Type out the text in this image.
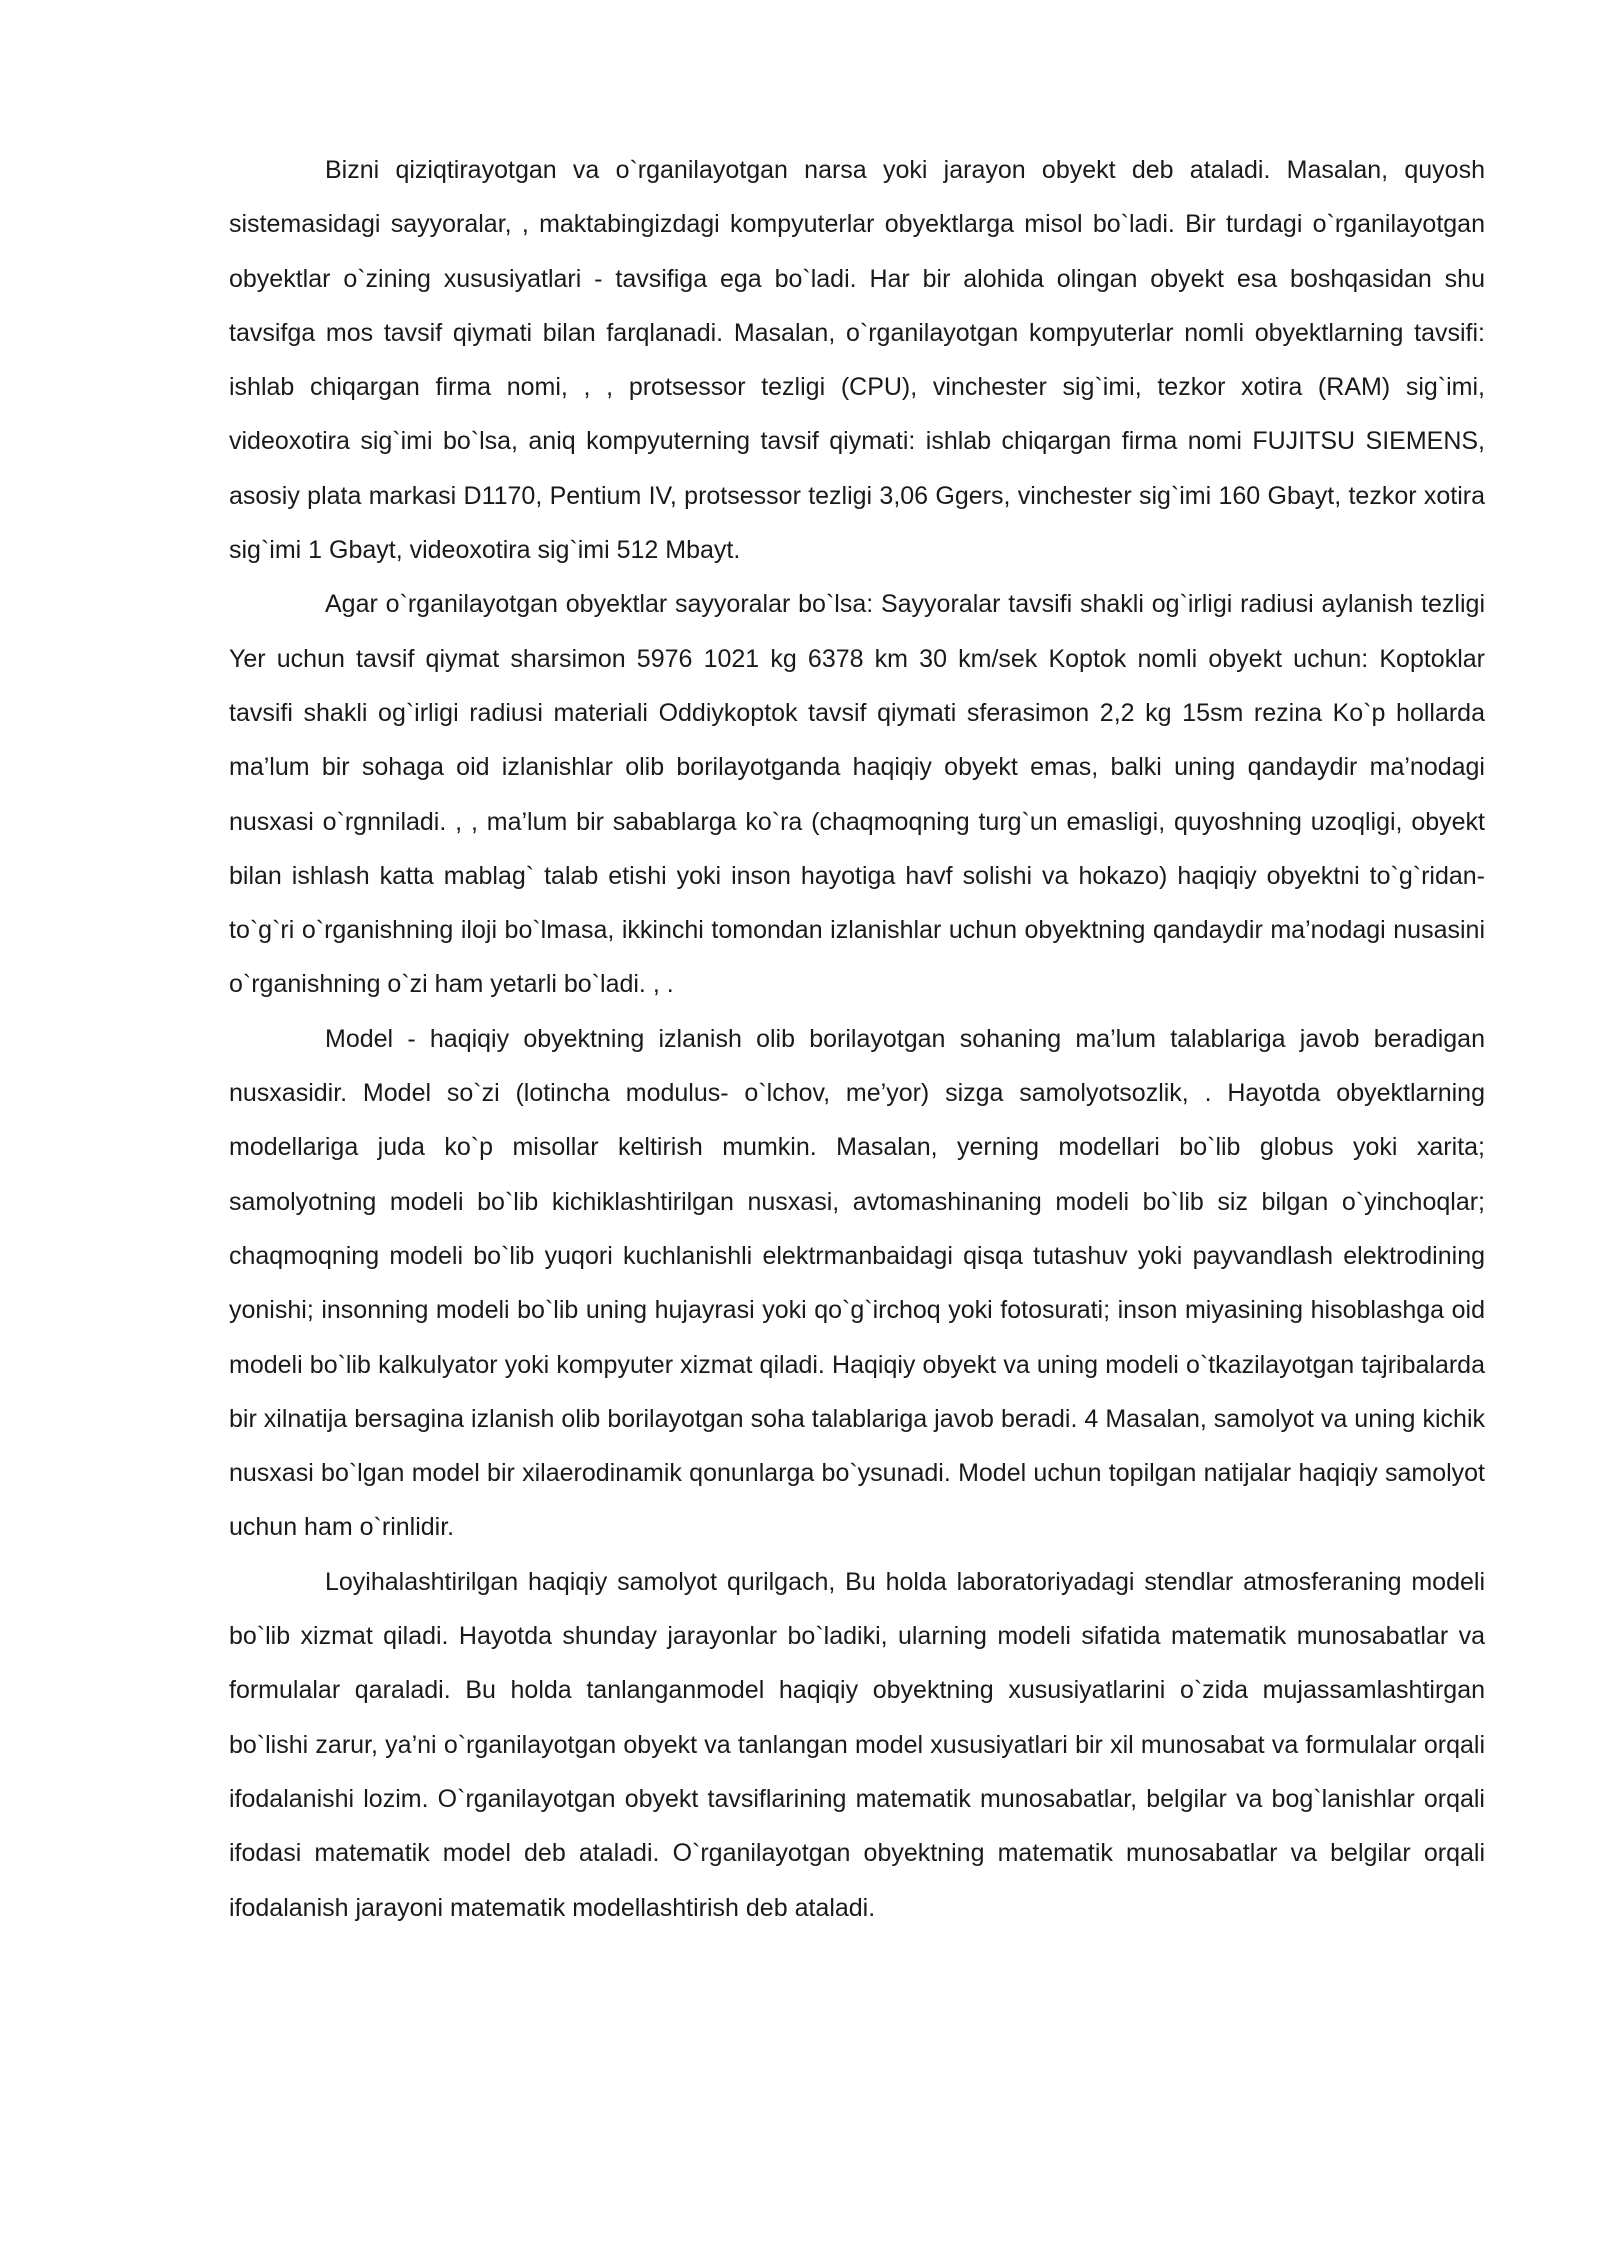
Bizni qiziqtirayotgan va o`rganilayotgan narsa yoki jarayon obyekt deb ataladi. Masalan, quyosh sistemasidagi sayyoralar, , maktabingizdagi kompyuterlar obyektlarga misol bo`ladi. Bir turdagi o`rganilayotgan obyektlar o`zining xususiyatlari - tavsifiga ega bo`ladi. Har bir alohida olingan obyekt esa boshqasidan shu tavsifga mos tavsif qiymati bilan farqlanadi. Masalan, o`rganilayotgan kompyuterlar nomli obyektlarning tavsifi: ishlab chiqargan firma nomi, , , protsessor tezligi (CPU), vinchester sig`imi, tezkor xotira (RAM) sig`imi, videoxotira sig`imi bo`lsa, aniq kompyuterning tavsif qiymati: ishlab chiqargan firma nomi FUJITSU SIEMENS, asosiy plata markasi D1170, Pentium IV, protsessor tezligi 3,06 Ggers, vinchester sig`imi 160 Gbayt, tezkor xotira sig`imi 1 Gbayt, videoxotira sig`imi 512 Mbayt.

Agar o`rganilayotgan obyektlar sayyoralar bo`lsa: Sayyoralar tavsifi shakli og`irligi radiusi aylanish tezligi Yer uchun tavsif qiymat sharsimon 5976 1021 kg 6378 km 30 km/sek Koptok nomli obyekt uchun: Koptoklar tavsifi shakli og`irligi radiusi materiali Oddiykoptok tavsif qiymati sferasimon 2,2 kg 15sm rezina Ko`p hollarda ma’lum bir sohaga oid izlanishlar olib borilayotganda haqiqiy obyekt emas, balki uning qandaydir ma’nodagi nusxasi o`rgnniladi. , , ma’lum bir sabablarga ko`ra (chaqmoqning turg`un emasligi, quyoshning uzoqligi, obyekt bilan ishlash katta mablag` talab etishi yoki inson hayotiga havf solishi va hokazo) haqiqiy obyektni to`g`ridan-to`g`ri o`rganishning iloji bo`lmasa, ikkinchi tomondan izlanishlar uchun obyektning qandaydir ma’nodagi nusasini o`rganishning o`zi ham yetarli bo`ladi. , .

Model - haqiqiy obyektning izlanish olib borilayotgan sohaning ma’lum talablariga javob beradigan nusxasidir. Model so`zi (lotincha modulus- o`lchov, me’yor) sizga samolyotsozlik, . Hayotda obyektlarning modellariga juda ko`p misollar keltirish mumkin. Masalan, yerning modellari bo`lib globus yoki xarita; samolyotning modeli bo`lib kichiklashtirilgan nusxasi, avtomashinaning modeli bo`lib siz bilgan o`yinchoqlar; chaqmoqning modeli bo`lib yuqori kuchlanishli elektrmanbaidagi qisqa tutashuv yoki payvandlash elektrodining yonishi; insonning modeli bo`lib uning hujayrasi yoki qo`g`irchoq yoki fotosurati; inson miyasining hisoblashga oid modeli bo`lib kalkulyator yoki kompyuter xizmat qiladi. Haqiqiy obyekt va uning modeli o`tkazilayotgan tajribalarda bir xilnatija bersagina izlanish olib borilayotgan soha talablariga javob beradi. 4 Masalan, samolyot va uning kichik nusxasi bo`lgan model bir xilaerodinamik qonunlarga bo`ysunadi. Model uchun topilgan natijalar haqiqiy samolyot uchun ham o`rinlidir.

Loyihalashtirilgan haqiqiy samolyot qurilgach, Bu holda laboratoriyadagi stendlar atmosferaning modeli bo`lib xizmat qiladi. Hayotda shunday jarayonlar bo`ladiki, ularning modeli sifatida matematik munosabatlar va formulalar qaraladi. Bu holda tanlanganmodel haqiqiy obyektning xususiyatlarini o`zida mujassamlashtirgan bo`lishi zarur, ya’ni o`rganilayotgan obyekt va tanlangan model xususiyatlari bir xil munosabat va formulalar orqali ifodalanishi lozim. O`rganilayotgan obyekt tavsiflarining matematik munosabatlar, belgilar va bog`lanishlar orqali ifodasi matematik model deb ataladi. O`rganilayotgan obyektning matematik munosabatlar va belgilar orqali ifodalanish jarayoni matematik modellashtirish deb ataladi.
